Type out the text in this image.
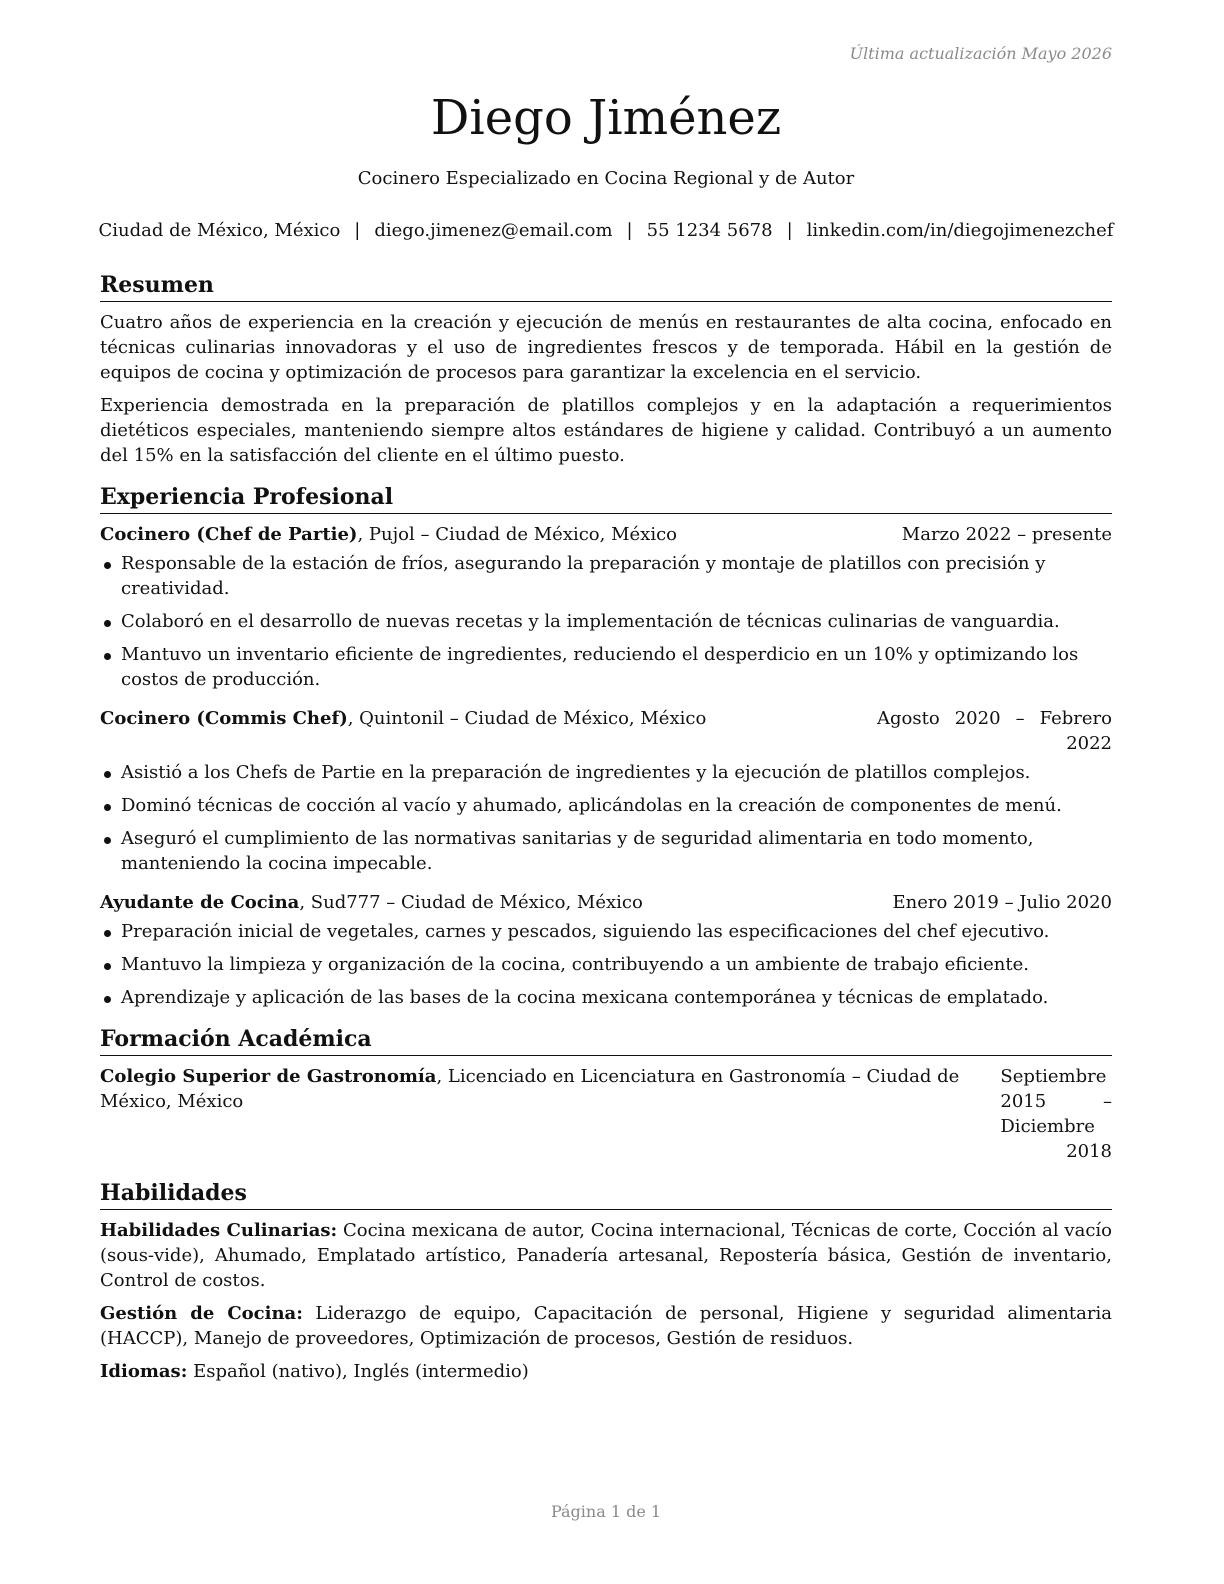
Última actualización Mayo 2026
Diego Jiménez
Cocinero Especializado en Cocina Regional y de Autor
Ciudad de México, México | diego.jimenez@email.com | 55 1234 5678 | linkedin.com/in/diegojimenezchef
Resumen

Cuatro años de experiencia en la creación y ejecución de menús en restaurantes de alta cocina, enfocado en técnicas culinarias innovadoras y el uso de ingredientes frescos y de temporada. Hábil en la gestión de equipos de cocina y optimización de procesos para garantizar la excelencia en el servicio.

Experiencia demostrada en la preparación de platillos complejos y en la adaptación a requerimientos dietéticos especiales, manteniendo siempre altos estándares de higiene y calidad. Contribuyó a un aumento del 15% en la satisfacción del cliente en el último puesto.

Experiencia Profesional
Cocinero (Chef de Partie), Pujol – Ciudad de México, México	Marzo 2022 – presente
Responsable de la estación de fríos, asegurando la preparación y montaje de platillos con precisión y creatividad.
Colaboró en el desarrollo de nuevas recetas y la implementación de técnicas culinarias de vanguardia.
Mantuvo un inventario eficiente de ingredientes, reduciendo el desperdicio en un 10% y optimizando los costos de producción.
Cocinero (Commis Chef), Quintonil – Ciudad de México, México	Agosto 2020 – Febrero 2022
Asistió a los Chefs de Partie en la preparación de ingredientes y la ejecución de platillos complejos.
Dominó técnicas de cocción al vacío y ahumado, aplicándolas en la creación de componentes de menú.
Aseguró el cumplimiento de las normativas sanitarias y de seguridad alimentaria en todo momento, manteniendo la cocina impecable.
Ayudante de Cocina, Sud777 – Ciudad de México, México	Enero 2019 – Julio 2020
Preparación inicial de vegetales, carnes y pescados, siguiendo las especificaciones del chef ejecutivo.
Mantuvo la limpieza y organización de la cocina, contribuyendo a un ambiente de trabajo eficiente.
Aprendizaje y aplicación de las bases de la cocina mexicana contemporánea y técnicas de emplatado.
Formación Académica
Colegio Superior de Gastronomía, Licenciado en Licenciatura en Gastronomía – Ciudad de México, México
Septiembre 2015 – Diciembre 2018
Habilidades

Habilidades Culinarias: Cocina mexicana de autor, Cocina internacional, Técnicas de corte, Cocción al vacío (sous-vide), Ahumado, Emplatado artístico, Panadería artesanal, Repostería básica, Gestión de inventario, Control de costos.

Gestión de Cocina: Liderazgo de equipo, Capacitación de personal, Higiene y seguridad alimentaria (HACCP), Manejo de proveedores, Optimización de procesos, Gestión de residuos.

Idiomas: Español (nativo), Inglés (intermedio)

Página 1 de 1
